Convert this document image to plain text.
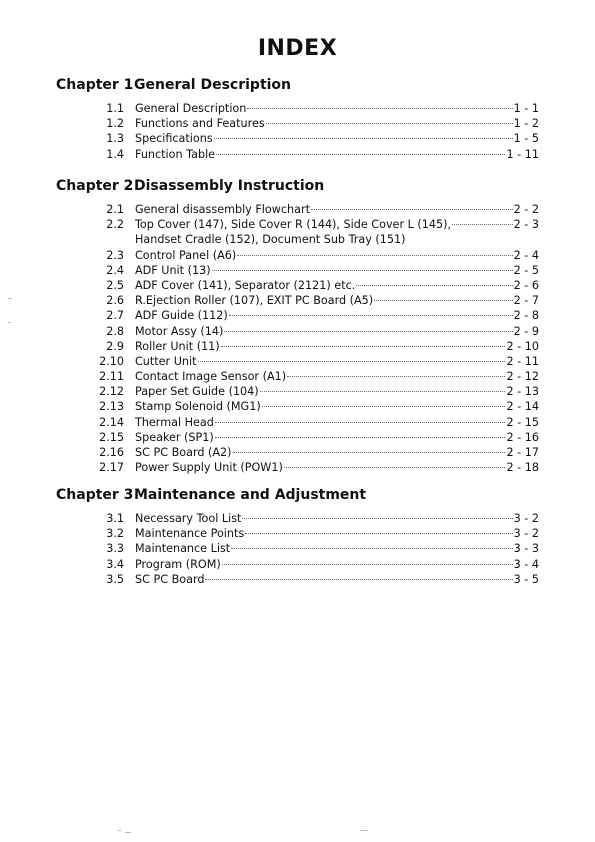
INDEX
Chapter 1 General Description
1.1 General Description	1 - 1
1.2 Functions and Features	1 - 2
1.3 Specifications	1 - 5
1.4 Function Table	1 - 11
Chapter 2 Disassembly Instruction
2.1 General disassembly Flowchart	2 - 2
2.2 Top Cover (147), Side Cover R (144), Side Cover L (145),	2 - 3
Handset Cradle (152), Document Sub Tray (151)
2.3 Control Panel (A6)	2 - 4
2.4 ADF Unit (13)	2 - 5
2.5 ADF Cover (141), Separator (2121) etc.	2 - 6
2.6 R.Ejection Roller (107), EXIT PC Board (A5)	2 - 7
2.7 ADF Guide (112)	2 - 8
2.8 Motor Assy (14)	2 - 9
2.9 Roller Unit (11)	2 - 10
2.10 Cutter Unit	2 - 11
2.11 Contact Image Sensor (A1)	2 - 12
2.12 Paper Set Guide (104)	2 - 13
2.13 Stamp Solenoid (MG1)	2 - 14
2.14 Thermal Head	2 - 15
2.15 Speaker (SP1)	2 - 16
2.16 SC PC Board (A2)	2 - 17
2.17 Power Supply Unit (POW1)	2 - 18
Chapter 3 Maintenance and Adjustment
3.1 Necessary Tool List	3 - 2
3.2 Maintenance Points	3 - 2
3.3 Maintenance List	3 - 3
3.4 Program (ROM)	3 - 4
3.5 SC PC Board	3 - 5
